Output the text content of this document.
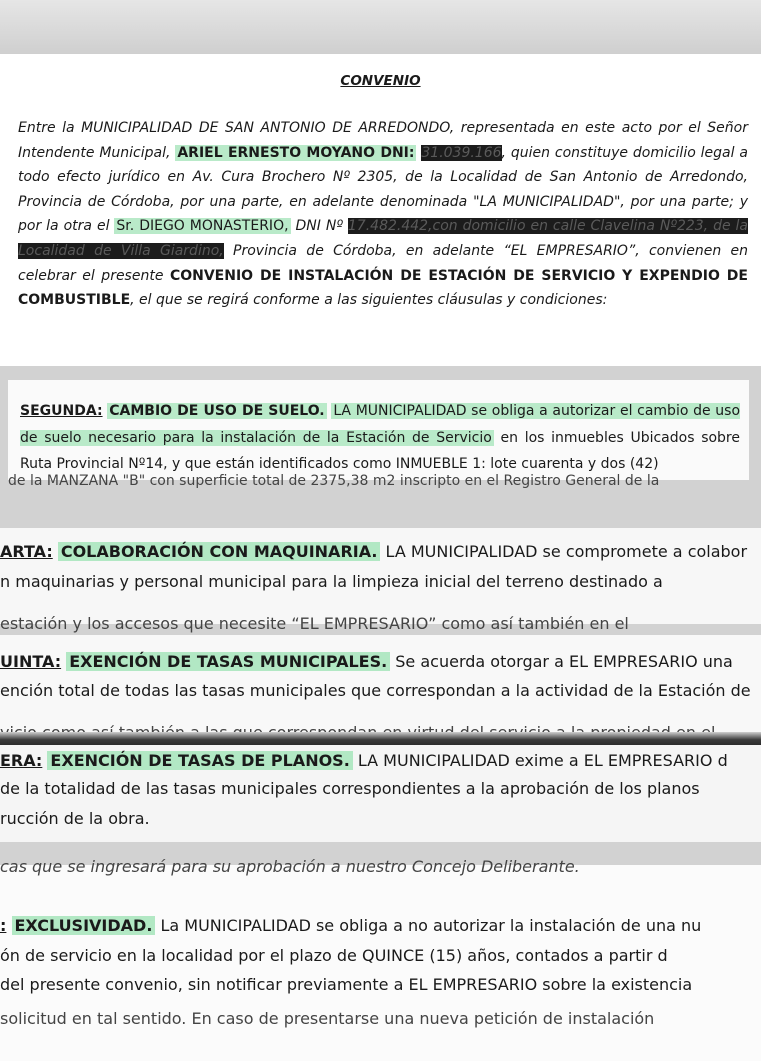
CONVENIO
Entre la MUNICIPALIDAD DE SAN ANTONIO DE ARREDONDO, representada en este acto por el Señor Intendente Municipal, ARIEL ERNESTO MOYANO DNI: 31.039.166, quien constituye domicilio legal a todo efecto jurídico en Av. Cura Brochero Nº 2305, de la Localidad de San Antonio de Arredondo, Provincia de Córdoba, por una parte, en adelante denominada "LA MUNICIPALIDAD", por una parte; y por la otra el Sr. DIEGO MONASTERIO, DNI Nº 17.482.442,con domicilio en calle Clavelina Nº223, de la Localidad de Villa Giardino, Provincia de Córdoba, en adelante “EL EMPRESARIO”, convienen en celebrar el presente CONVENIO DE INSTALACIÓN DE ESTACIÓN DE SERVICIO Y EXPENDIO DE COMBUSTIBLE, el que se regirá conforme a las siguientes cláusulas y condiciones:
SEGUNDA: CAMBIO DE USO DE SUELO. LA MUNICIPALIDAD se obliga a autorizar el cambio de uso de suelo necesario para la instalación de la Estación de Servicio en los inmuebles Ubicados sobre Ruta Provincial Nº14, y que están identificados como INMUEBLE 1: lote cuarenta y dos (42)
de la MANZANA "B" con superficie total de 2375,38 m2 inscripto en el Registro General de la
ARTA: COLABORACIÓN CON MAQUINARIA. LA MUNICIPALIDAD se compromete a colabor
n maquinarias y personal municipal para la limpieza inicial del terreno destinado a
estación y los accesos que necesite “EL EMPRESARIO” como así también en el
UINTA: EXENCIÓN DE TASAS MUNICIPALES. Se acuerda otorgar a EL EMPRESARIO una
ención total de todas las tasas municipales que correspondan a la actividad de la Estación de
ERA: EXENCIÓN DE TASAS DE PLANOS. LA MUNICIPALIDAD exime a EL EMPRESARIO d
de la totalidad de las tasas municipales correspondientes a la aprobación de los planos
rucción de la obra.
cas que se ingresará para su aprobación a nuestro Concejo Deliberante.
: EXCLUSIVIDAD. La MUNICIPALIDAD se obliga a no autorizar la instalación de una nu
ón de servicio en la localidad por el plazo de QUINCE (15) años, contados a partir d
del presente convenio, sin notificar previamente a EL EMPRESARIO sobre la existencia
solicitud en tal sentido. En caso de presentarse una nueva petición de instalación
